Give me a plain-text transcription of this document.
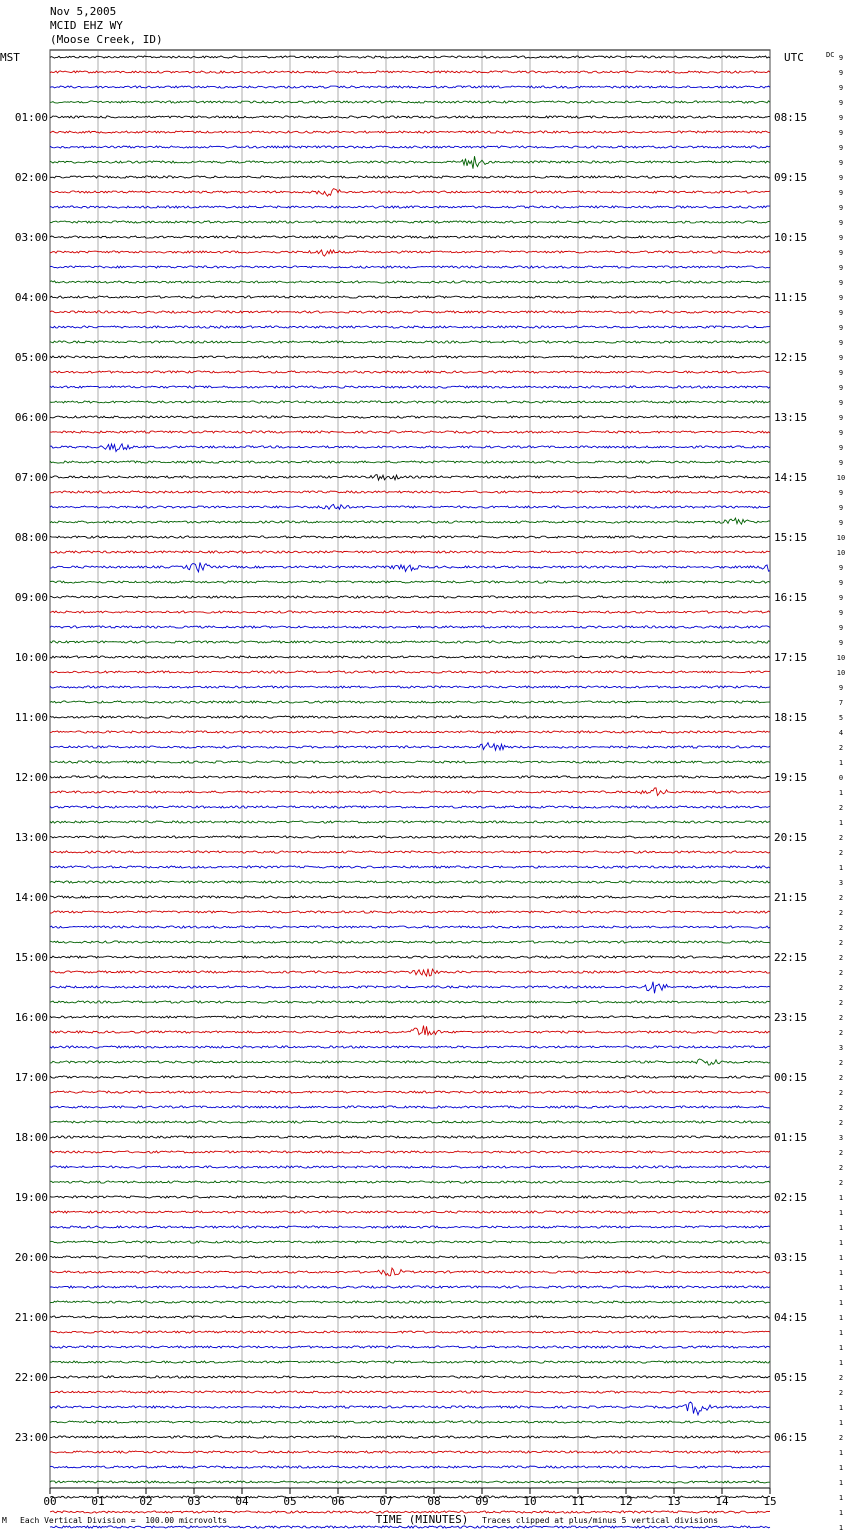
Nov 5,2005
MCID EHZ WY
(Moose Creek, ID)
00	01	02	03	04	05	06	07	08	09	10	11	12	13	14	15
9
9
9
9
9
9
9
9
9
9
9
9
9
9
9
9
9
9
9
9
9
9
9
9
9
9
9
9
10
9
9
9
10
10
9
9
9
9
9
9
10
10
9
7
5
4
2
1
0
1
2
1
2
2
1
3
2
2
2
2
2
2
2
2
2
2
3
2
2
2
2
2
3
2
2
2
1
1
1
1
1
1
1
1
1
1
1
1
2
2
1
1
2
1
1
1
1
1
1
01:00	08:15
02:00	09:15
03:00	10:15
04:00	11:15
05:00	12:15
06:00	13:15
07:00	14:15
08:00	15:15
09:00	16:15
10:00	17:15
11:00	18:15
12:00	19:15
13:00	20:15
14:00	21:15
15:00	22:15
16:00	23:15
17:00	00:15
18:00	01:15
19:00	02:15
20:00	03:15
21:00	04:15
22:00	05:15
23:00	06:15
MST	UTC	DC
TIME (MINUTES)
M Each Vertical Division =  100.00 microvolts	Traces clipped at plus/minus 5 vertical divisions
